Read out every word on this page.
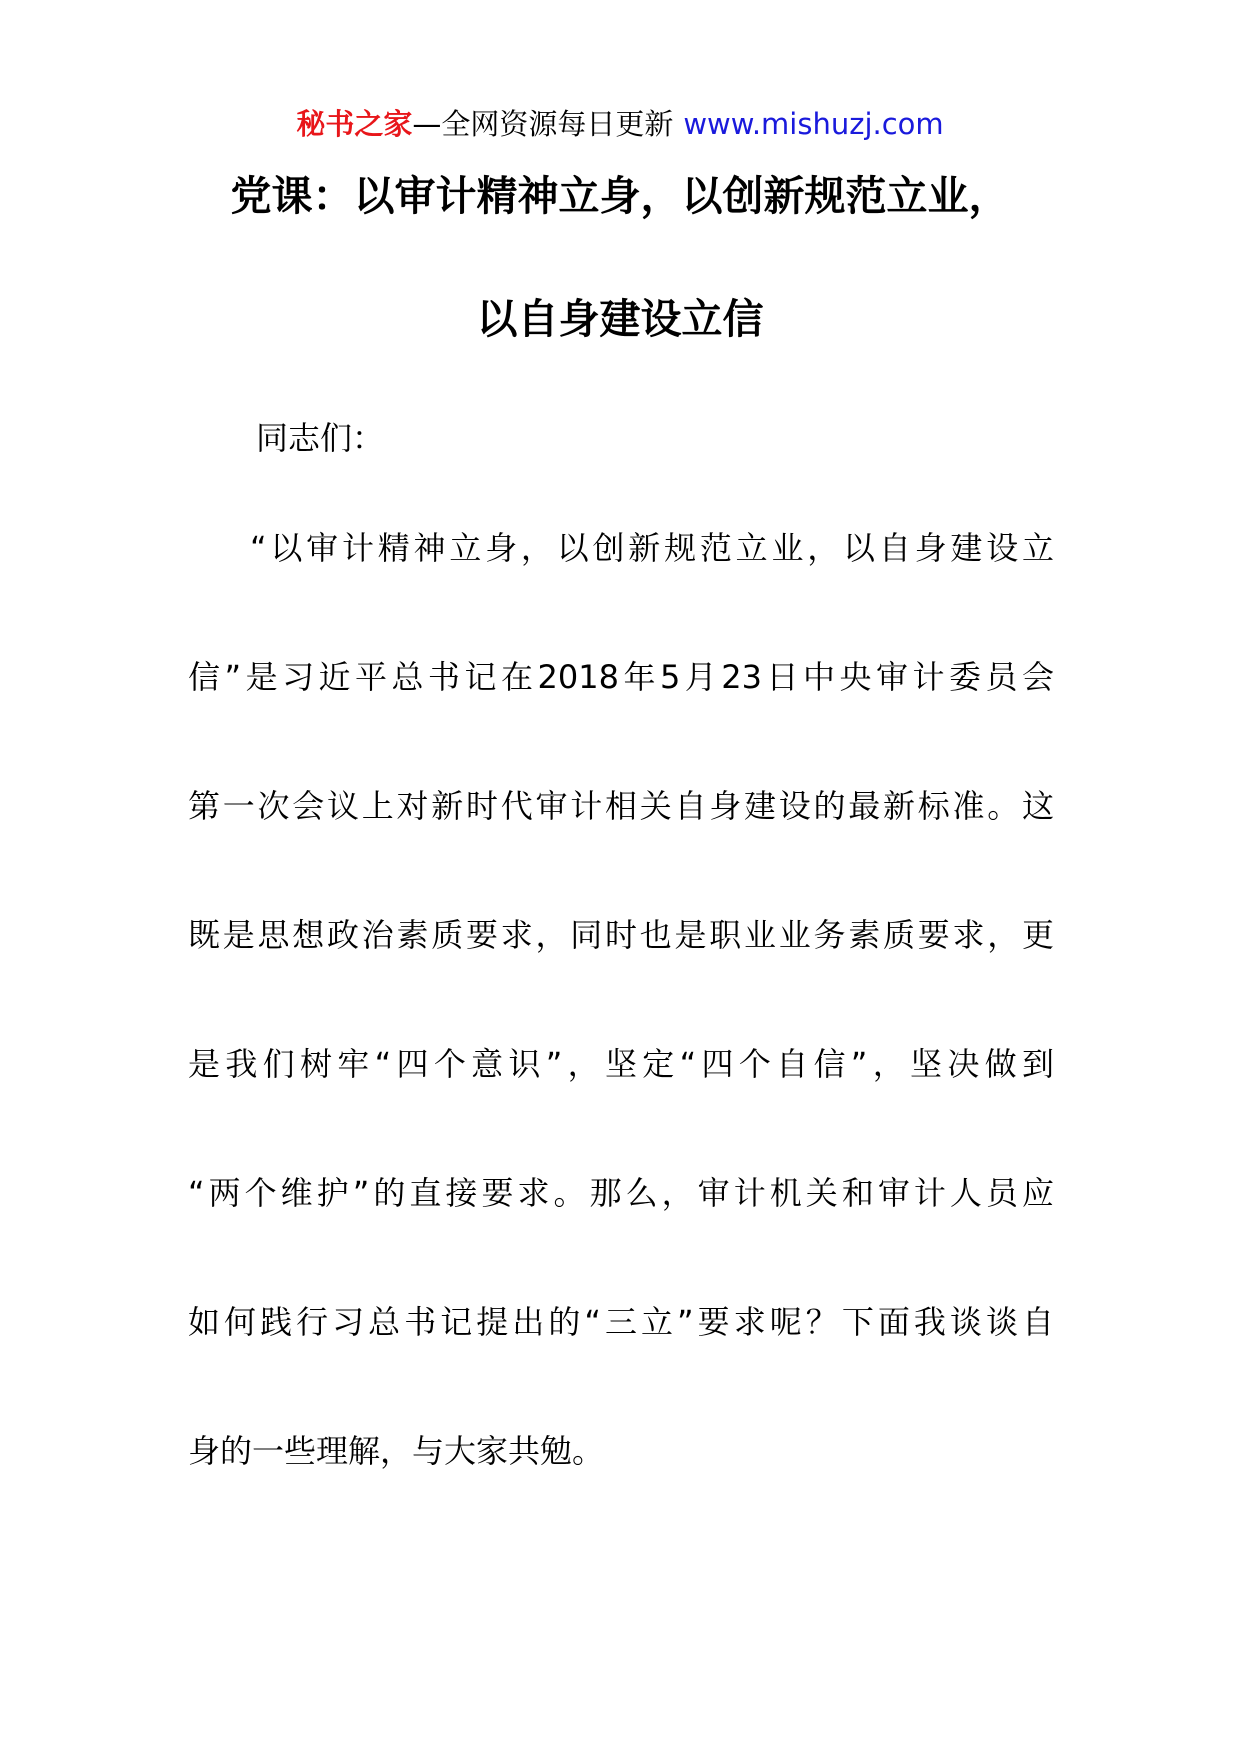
秘书之家—全网资源每日更新 www.mishuzj.com
党课：以审计精神立身，以创新规范立业，
以自身建设立信
同志们：
“以审计精神立身，以创新规范立业，以自身建设立
信”是习近平总书记在2018年5月23日中央审计委员会
第一次会议上对新时代审计相关自身建设的最新标准。这
既是思想政治素质要求，同时也是职业业务素质要求，更
是我们树牢“四个意识”，坚定“四个自信”，坚决做到
“两个维护”的直接要求。那么，审计机关和审计人员应
如何践行习总书记提出的“三立”要求呢？下面我谈谈自
身的一些理解，与大家共勉。
